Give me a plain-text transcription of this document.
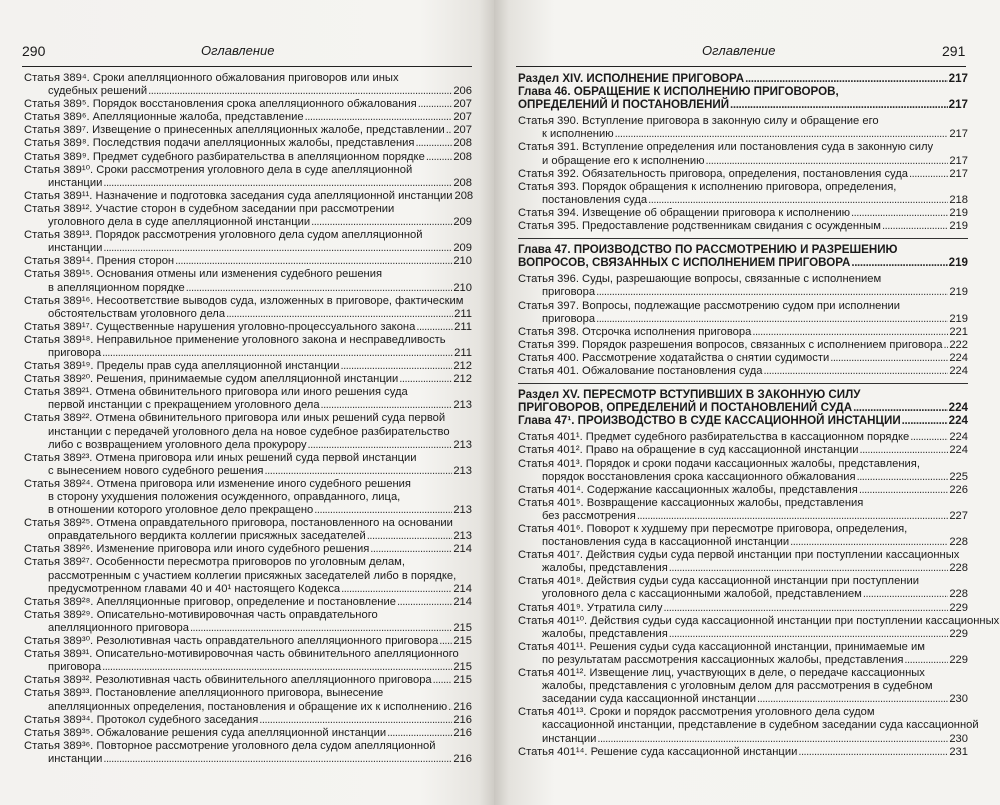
290	Оглавление
Статья 389⁴. Сроки апелляционного обжалования приговоров или иных
судебных решений . . .	206
Статья 389⁵. Порядок восстановления срока апелляционного обжалования . . .	207
Статья 389⁶. Апелляционные жалоба, представление . . .	207
Статья 389⁷. Извещение о принесенных апелляционных жалобе, представлении . . . 207
Статья 389⁸. Последствия подачи апелляционных жалобы, представления . . .	208
Статья 389⁹. Предмет судебного разбирательства в апелляционном порядке . . .	208
Статья 389¹⁰. Сроки рассмотрения уголовного дела в суде апелляционной
инстанции . . .	208
Статья 389¹¹. Назначение и подготовка заседания суда апелляционной инстанции 208
Статья 389¹². Участие сторон в судебном заседании при рассмотрении
уголовного дела в суде апелляционной инстанции . . .	209
Статья 389¹³. Порядок рассмотрения уголовного дела судом апелляционной
инстанции . . .	209
Статья 389¹⁴. Прения сторон . . .	210
Статья 389¹⁵. Основания отмены или изменения судебного решения
в апелляционном порядке . . .	210
Статья 389¹⁶. Несоответствие выводов суда, изложенных в приговоре, фактическим
обстоятельствам уголовного дела . . .	211
Статья 389¹⁷. Существенные нарушения уголовно-процессуального закона . . .	211
Статья 389¹⁸. Неправильное применение уголовного закона и несправедливость
приговора . . .	211
Статья 389¹⁹. Пределы прав суда апелляционной инстанции . . .	212
Статья 389²⁰. Решения, принимаемые судом апелляционной инстанции . . .	212
Статья 389²¹. Отмена обвинительного приговора или иного решения суда
первой инстанции с прекращением уголовного дела . . .	213
Статья 389²². Отмена обвинительного приговора или иных решений суда первой
инстанции с передачей уголовного дела на новое судебное разбирательство
либо с возвращением уголовного дела прокурору . . .	213
Статья 389²³. Отмена приговора или иных решений суда первой инстанции
с вынесением нового судебного решения . . .	213
Статья 389²⁴. Отмена приговора или изменение иного судебного решения
в сторону ухудшения положения осужденного, оправданного, лица,
в отношении которого уголовное дело прекращено . . .	213
Статья 389²⁵. Отмена оправдательного приговора, постановленного на основании
оправдательного вердикта коллегии присяжных заседателей . . .	213
Статья 389²⁶. Изменение приговора или иного судебного решения . . .	214
Статья 389²⁷. Особенности пересмотра приговоров по уголовным делам,
рассмотренным с участием коллегии присяжных заседателей либо в порядке,
предусмотренном главами 40 и 40¹ настоящего Кодекса . . .	214
Статья 389²⁸. Апелляционные приговор, определение и постановление . . .	214
Статья 389²⁹. Описательно-мотивировочная часть оправдательного
апелляционного приговора . . .	215
Статья 389³⁰. Резолютивная часть оправдательного апелляционного приговора . . . 215
Статья 389³¹. Описательно-мотивировочная часть обвинительного апелляционного
приговора . . .	215
Статья 389³². Резолютивная часть обвинительного апелляционного приговора . . . 215
Статья 389³³. Постановление апелляционного приговора, вынесение
апелляционных определения, постановления и обращение их к исполнению . . . 216
Статья 389³⁴. Протокол судебного заседания . . .	216
Статья 389³⁵. Обжалование решения суда апелляционной инстанции . . .	216
Статья 389³⁶. Повторное рассмотрение уголовного дела судом апелляционной
инстанции . . .	216
Оглавление	291
Раздел XIV. ИСПОЛНЕНИЕ ПРИГОВОРА . . .	217
Глава 46. ОБРАЩЕНИЕ К ИСПОЛНЕНИЮ ПРИГОВОРОВ,
ОПРЕДЕЛЕНИЙ И ПОСТАНОВЛЕНИЙ . . .	217
Статья 390. Вступление приговора в законную силу и обращение его
к исполнению . . .	217
Статья 391. Вступление определения или постановления суда в законную силу
и обращение его к исполнению . . .	217
Статья 392. Обязательность приговора, определения, постановления суда . . .	217
Статья 393. Порядок обращения к исполнению приговора, определения,
постановления суда . . .	218
Статья 394. Извещение об обращении приговора к исполнению . . .	219
Статья 395. Предоставление родственникам свидания с осужденным . . .	219
Глава 47. ПРОИЗВОДСТВО ПО РАССМОТРЕНИЮ И РАЗРЕШЕНИЮ
ВОПРОСОВ, СВЯЗАННЫХ С ИСПОЛНЕНИЕМ ПРИГОВОРА . . .	219
Статья 396. Суды, разрешающие вопросы, связанные с исполнением
приговора . . .	219
Статья 397. Вопросы, подлежащие рассмотрению судом при исполнении
приговора . . .	219
Статья 398. Отсрочка исполнения приговора . . .	221
Статья 399. Порядок разрешения вопросов, связанных с исполнением приговора . . . 222
Статья 400. Рассмотрение ходатайства о снятии судимости . . .	224
Статья 401. Обжалование постановления суда . . .	224
Раздел XV. ПЕРЕСМОТР ВСТУПИВШИХ В ЗАКОННУЮ СИЛУ
ПРИГОВОРОВ, ОПРЕДЕЛЕНИЙ И ПОСТАНОВЛЕНИЙ СУДА . . .	224
Глава 47¹. ПРОИЗВОДСТВО В СУДЕ КАССАЦИОННОЙ ИНСТАНЦИИ . . .	224
Статья 401¹. Предмет судебного разбирательства в кассационном порядке . . .	224
Статья 401². Право на обращение в суд кассационной инстанции . . .	224
Статья 401³. Порядок и сроки подачи кассационных жалобы, представления,
порядок восстановления срока кассационного обжалования . . .	225
Статья 401⁴. Содержание кассационных жалобы, представления . . .	226
Статья 401⁵. Возвращение кассационных жалобы, представления
без рассмотрения . . .	227
Статья 401⁶. Поворот к худшему при пересмотре приговора, определения,
постановления суда в кассационной инстанции . . .	228
Статья 401⁷. Действия судьи суда первой инстанции при поступлении кассационных
жалобы, представления . . .	228
Статья 401⁸. Действия судьи суда кассационной инстанции при поступлении
уголовного дела с кассационными жалобой, представлением . . .	228
Статья 401⁹. Утратила силу . . .	229
Статья 401¹⁰. Действия судьи суда кассационной инстанции при поступлении кассационных
жалобы, представления . . .	229
Статья 401¹¹. Решения судьи суда кассационной инстанции, принимаемые им
по результатам рассмотрения кассационных жалобы, представления . . .	229
Статья 401¹². Извещение лиц, участвующих в деле, о передаче кассационных
жалобы, представления с уголовным делом для рассмотрения в судебном
заседании суда кассационной инстанции . . .	230
Статья 401¹³. Сроки и порядок рассмотрения уголовного дела судом
кассационной инстанции, представление в судебном заседании суда кассационной
инстанции . . .	230
Статья 401¹⁴. Решение суда кассационной инстанции . . .	231
